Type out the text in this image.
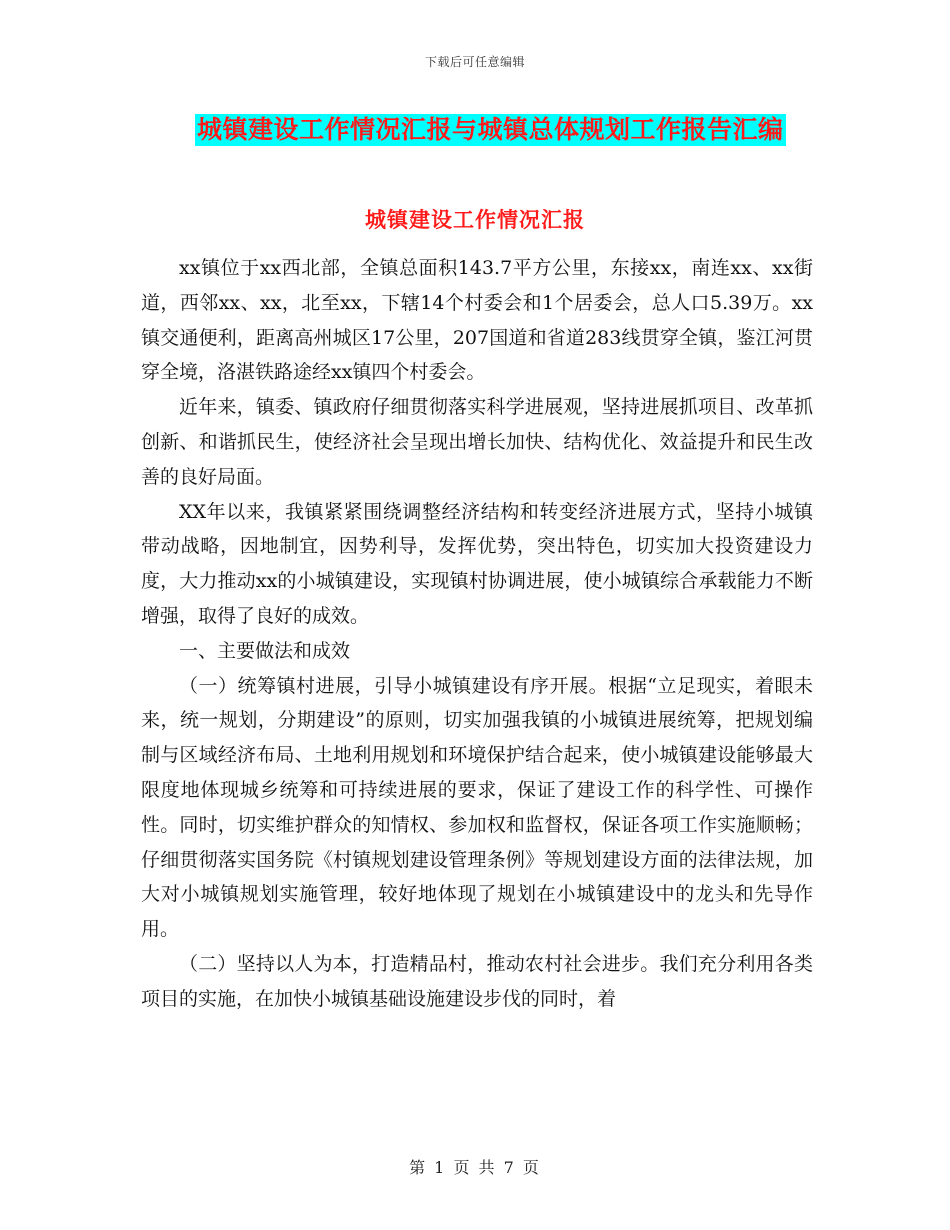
下载后可任意编辑
城镇建设工作情况汇报与城镇总体规划工作报告汇编
城镇建设工作情况汇报

xx镇位于xx西北部，全镇总面积143.7平方公里，东接xx，南连xx、xx街道，西邻xx、xx，北至xx，下辖14个村委会和1个居委会，总人口5.39万。xx镇交通便利，距离高州城区17公里，207国道和省道283线贯穿全镇，鉴江河贯穿全境，洛湛铁路途经xx镇四个村委会。

近年来，镇委、镇政府仔细贯彻落实科学进展观，坚持进展抓项目、改革抓创新、和谐抓民生，使经济社会呈现出增长加快、结构优化、效益提升和民生改善的良好局面。

XX年以来，我镇紧紧围绕调整经济结构和转变经济进展方式，坚持小城镇带动战略，因地制宜，因势利导，发挥优势，突出特色，切实加大投资建设力度，大力推动xx的小城镇建设，实现镇村协调进展，使小城镇综合承载能力不断增强，取得了良好的成效。

一、主要做法和成效

（一）统筹镇村进展，引导小城镇建设有序开展。根据“立足现实，着眼未来，统一规划，分期建设”的原则，切实加强我镇的小城镇进展统筹，把规划编制与区域经济布局、土地利用规划和环境保护结合起来，使小城镇建设能够最大限度地体现城乡统筹和可持续进展的要求，保证了建设工作的科学性、可操作性。同时，切实维护群众的知情权、参加权和监督权，保证各项工作实施顺畅；仔细贯彻落实国务院《村镇规划建设管理条例》等规划建设方面的法律法规，加大对小城镇规划实施管理，较好地体现了规划在小城镇建设中的龙头和先导作用。

（二）坚持以人为本，打造精品村，推动农村社会进步。我们充分利用各类项目的实施，在加快小城镇基础设施建设步伐的同时，着

第 1 页 共 7 页
